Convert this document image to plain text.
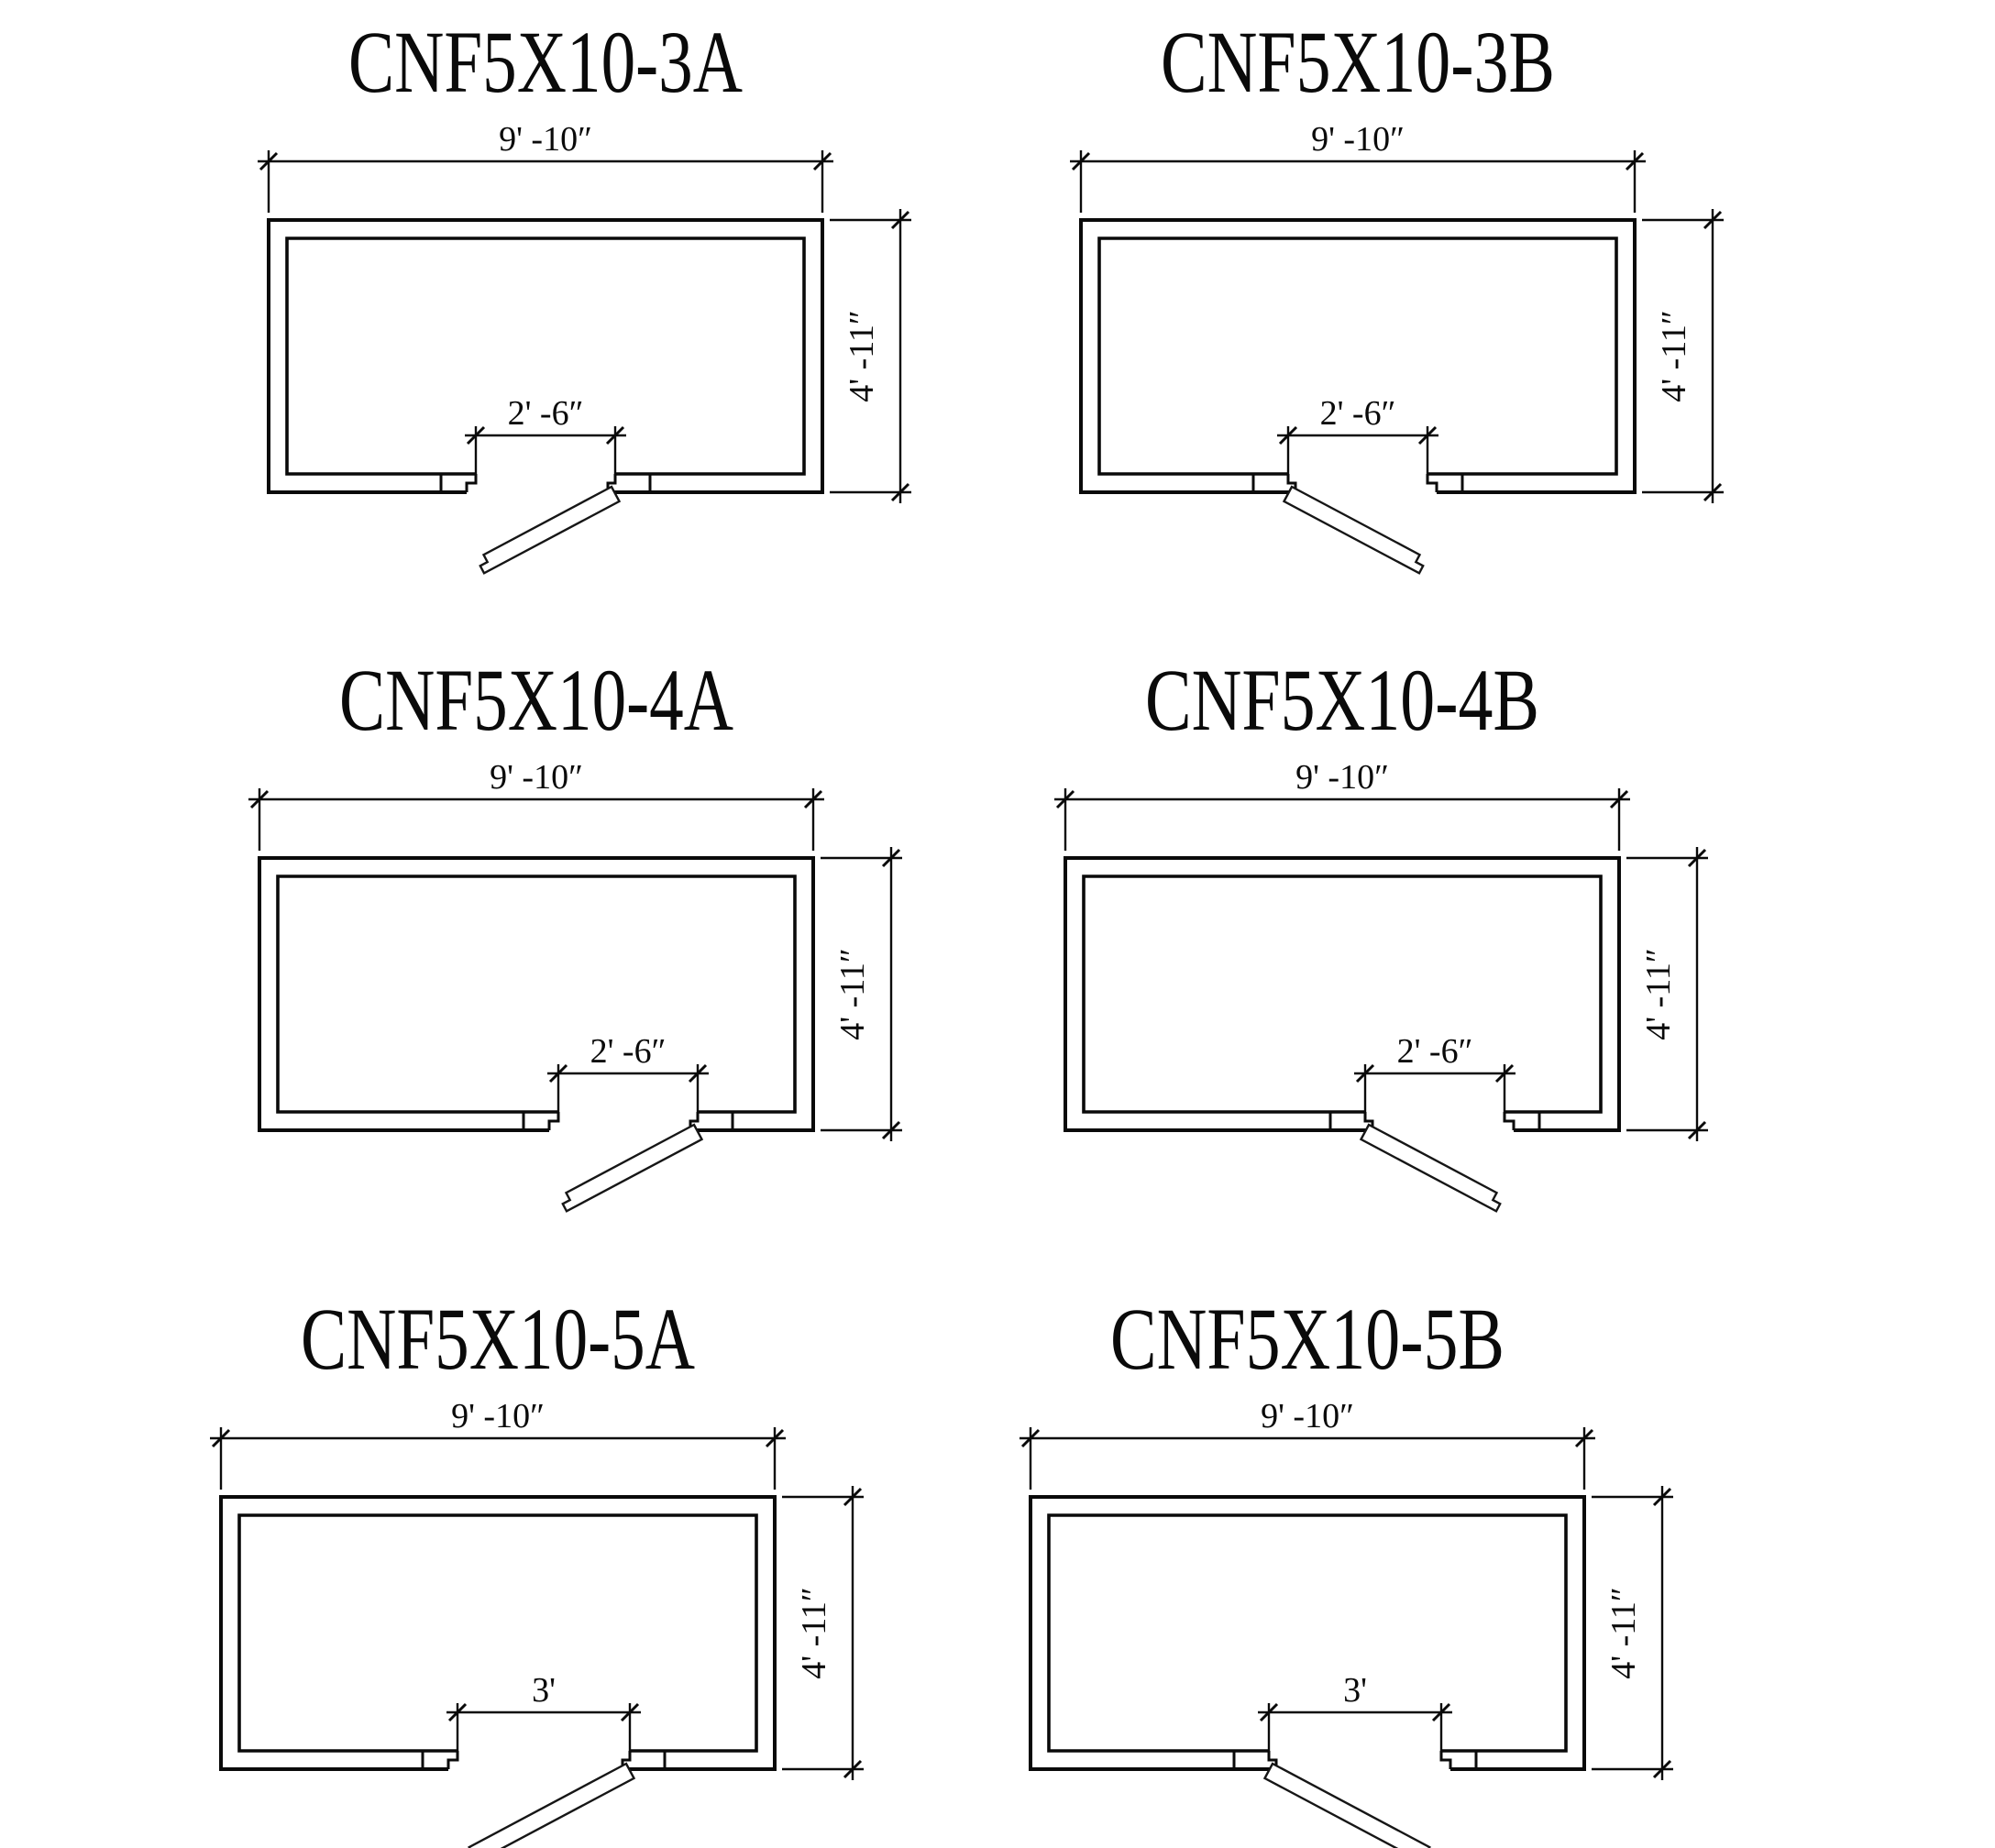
CNF5X10-3A
9' -10″
4' -11″
2' -6″
CNF5X10-3B
9' -10″
4' -11″
2' -6″
CNF5X10-4A
9' -10″
4' -11″
2' -6″
CNF5X10-4B
9' -10″
4' -11″
2' -6″
CNF5X10-5A
9' -10″
4' -11″
3'
CNF5X10-5B
9' -10″
4' -11″
3'
